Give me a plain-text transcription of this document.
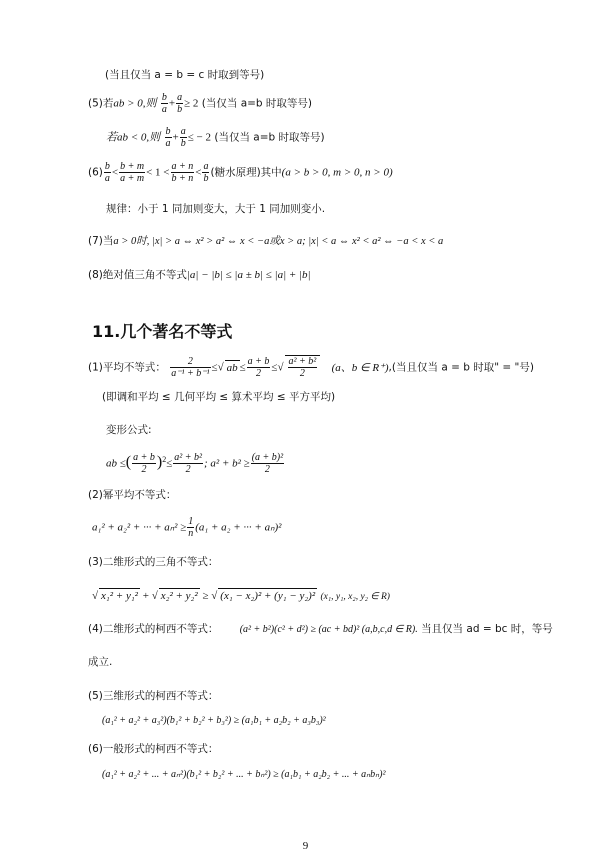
(当且仅当 a = b = c 时取到等号)
(5)若ab > 0,则 $\frac{b}{a} + \frac{a}{b} \ge 2$ (当仅当 a=b 时取等号)
若ab < 0,则 $\frac{b}{a} + \frac{a}{b}$ ≤ − 2 (当仅当 a=b 时取等号)
$(6) \frac{b}{a} < \frac{b + m}{a + m} < 1 < \frac{a + n}{b + n} < \frac{a}{b}$ (糖水原理)其中(a > b > 0, m > 0, n > 0)
规律：小于 1 同加则变大，大于 1 同加则变小.
(7)当a > 0时, |x| > a ⇔ x² > a² ⇔ x < −a或x > a; |x| < a ⇔ x² < a² ⇔ −a < x < a
(8)绝对值三角不等式|a| − |b| ≤ |a ± b| ≤ |a| + |b|
11.几个著名不等式
(1)平均不等式： $\frac{2}{\text{a⁻¹ + b⁻¹}}$ ≤√ ab ≤ $\frac{a + b}{2}$ ≤√ $\frac{\text{a² + b²}}{2} (a$、b ∈ R⁺),(当且仅当 a = b 时取" = "号)
(即调和平均 ≤ 几何平均 ≤ 算术平均 ≤ 平方平均)
变形公式:
ab ≤( $\frac{a + b}{2} )^2\le \frac{\text{a² + b²}}{2}$ ; $a^2 + b^2 \ge \frac{\text{(a + b)²}}{2}$
(2)幂平均不等式：
a₁² + a₂² + ··· + $a_n^2 \ge \frac{1}{n} (a_1 + a_2$ + ··· + aₙ)²
(3)二维形式的三角不等式：
√ x₁² + y₁² + √ x₂² + y₂² ≥ √ (x₁ − x₂)² + (y₁ − y₂)² (x₁, y₁, x₂, y₂ ∈ R)
(4)二维形式的柯西不等式： (a² + b²)(c² + d²) ≥ (ac + bd)² (a,b,c,d ∈ R). 当且仅当 ad = bc 时，等号
成立.
(5)三维形式的柯西不等式：
(a₁² + a₂² + a₃²)(b₁² + b₂² + b₃²) ≥ (a₁b₁ + a₂b₂ + a₃b₃)²
(6)一般形式的柯西不等式：
(a₁² + a₂² + ... + aₙ²)(b₁² + b₂² + ... + bₙ²) ≥ (a₁b₁ + a₂b₂ + ... + aₙbₙ)²
9
